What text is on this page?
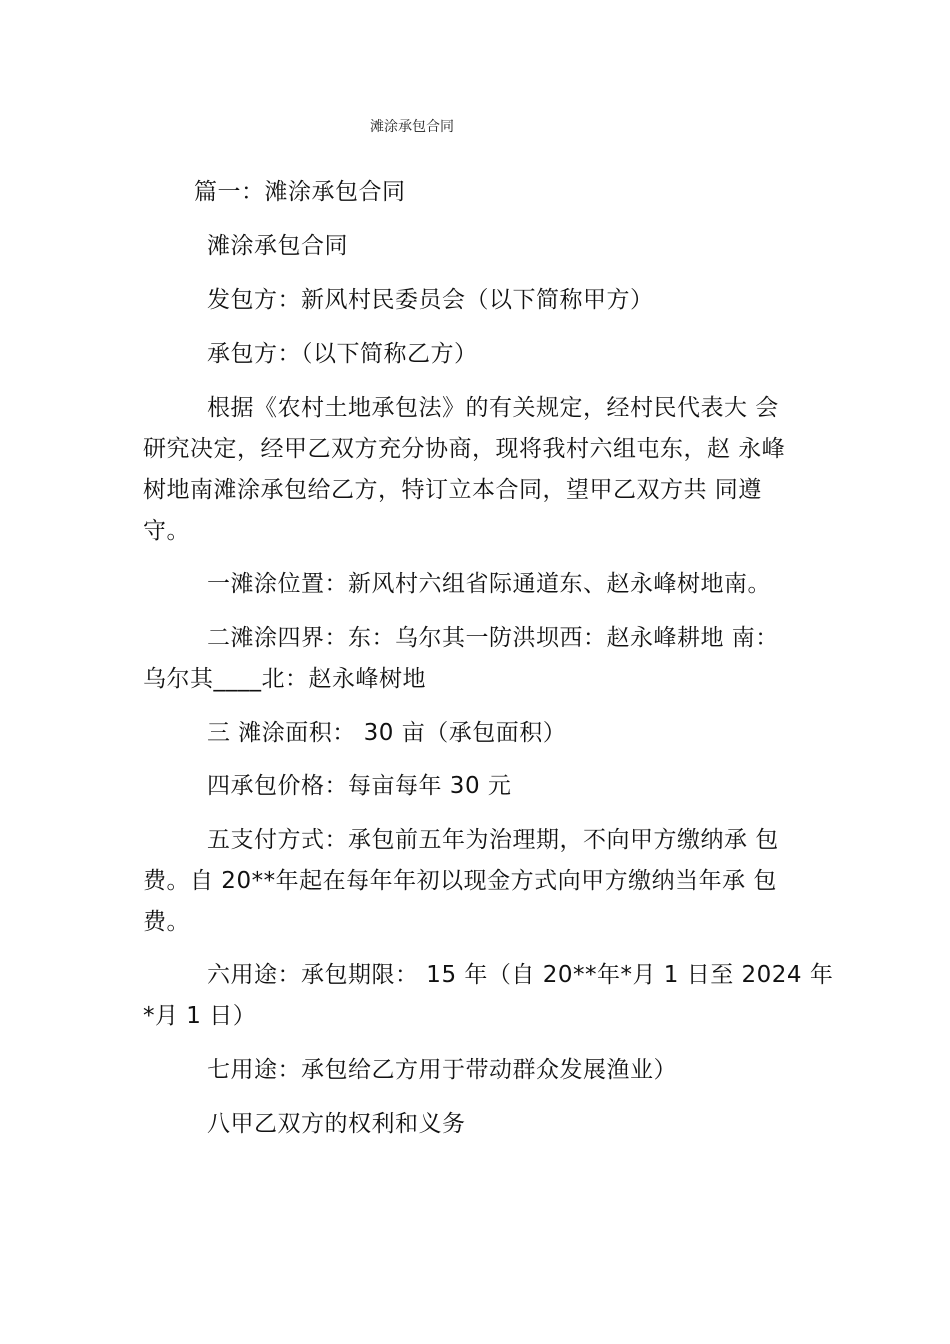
滩涂承包合同
篇一：滩涂承包合同
滩涂承包合同
发包方：新风村民委员会（以下简称甲方）
承包方：（以下简称乙方）
根据《农村土地承包法》的有关规定，经村民代表大 会
研究决定，经甲乙双方充分协商，现将我村六组屯东，赵 永峰
树地南滩涂承包给乙方，特订立本合同，望甲乙双方共 同遵
守。
一滩涂位置：新风村六组省际通道东、赵永峰树地南。
二滩涂四界：东：乌尔其一防洪坝西：赵永峰耕地 南：
乌尔其____北：赵永峰树地
三 滩涂面积： 30 亩（承包面积）
四承包价格：每亩每年 30 元
五支付方式：承包前五年为治理期，不向甲方缴纳承 包
费。自 20**年起在每年年初以现金方式向甲方缴纳当年承 包
费。
六用途：承包期限： 15 年（自 20**年*月 1 日至 2024 年
*月 1 日）
七用途：承包给乙方用于带动群众发展渔业）
八甲乙双方的权利和义务
